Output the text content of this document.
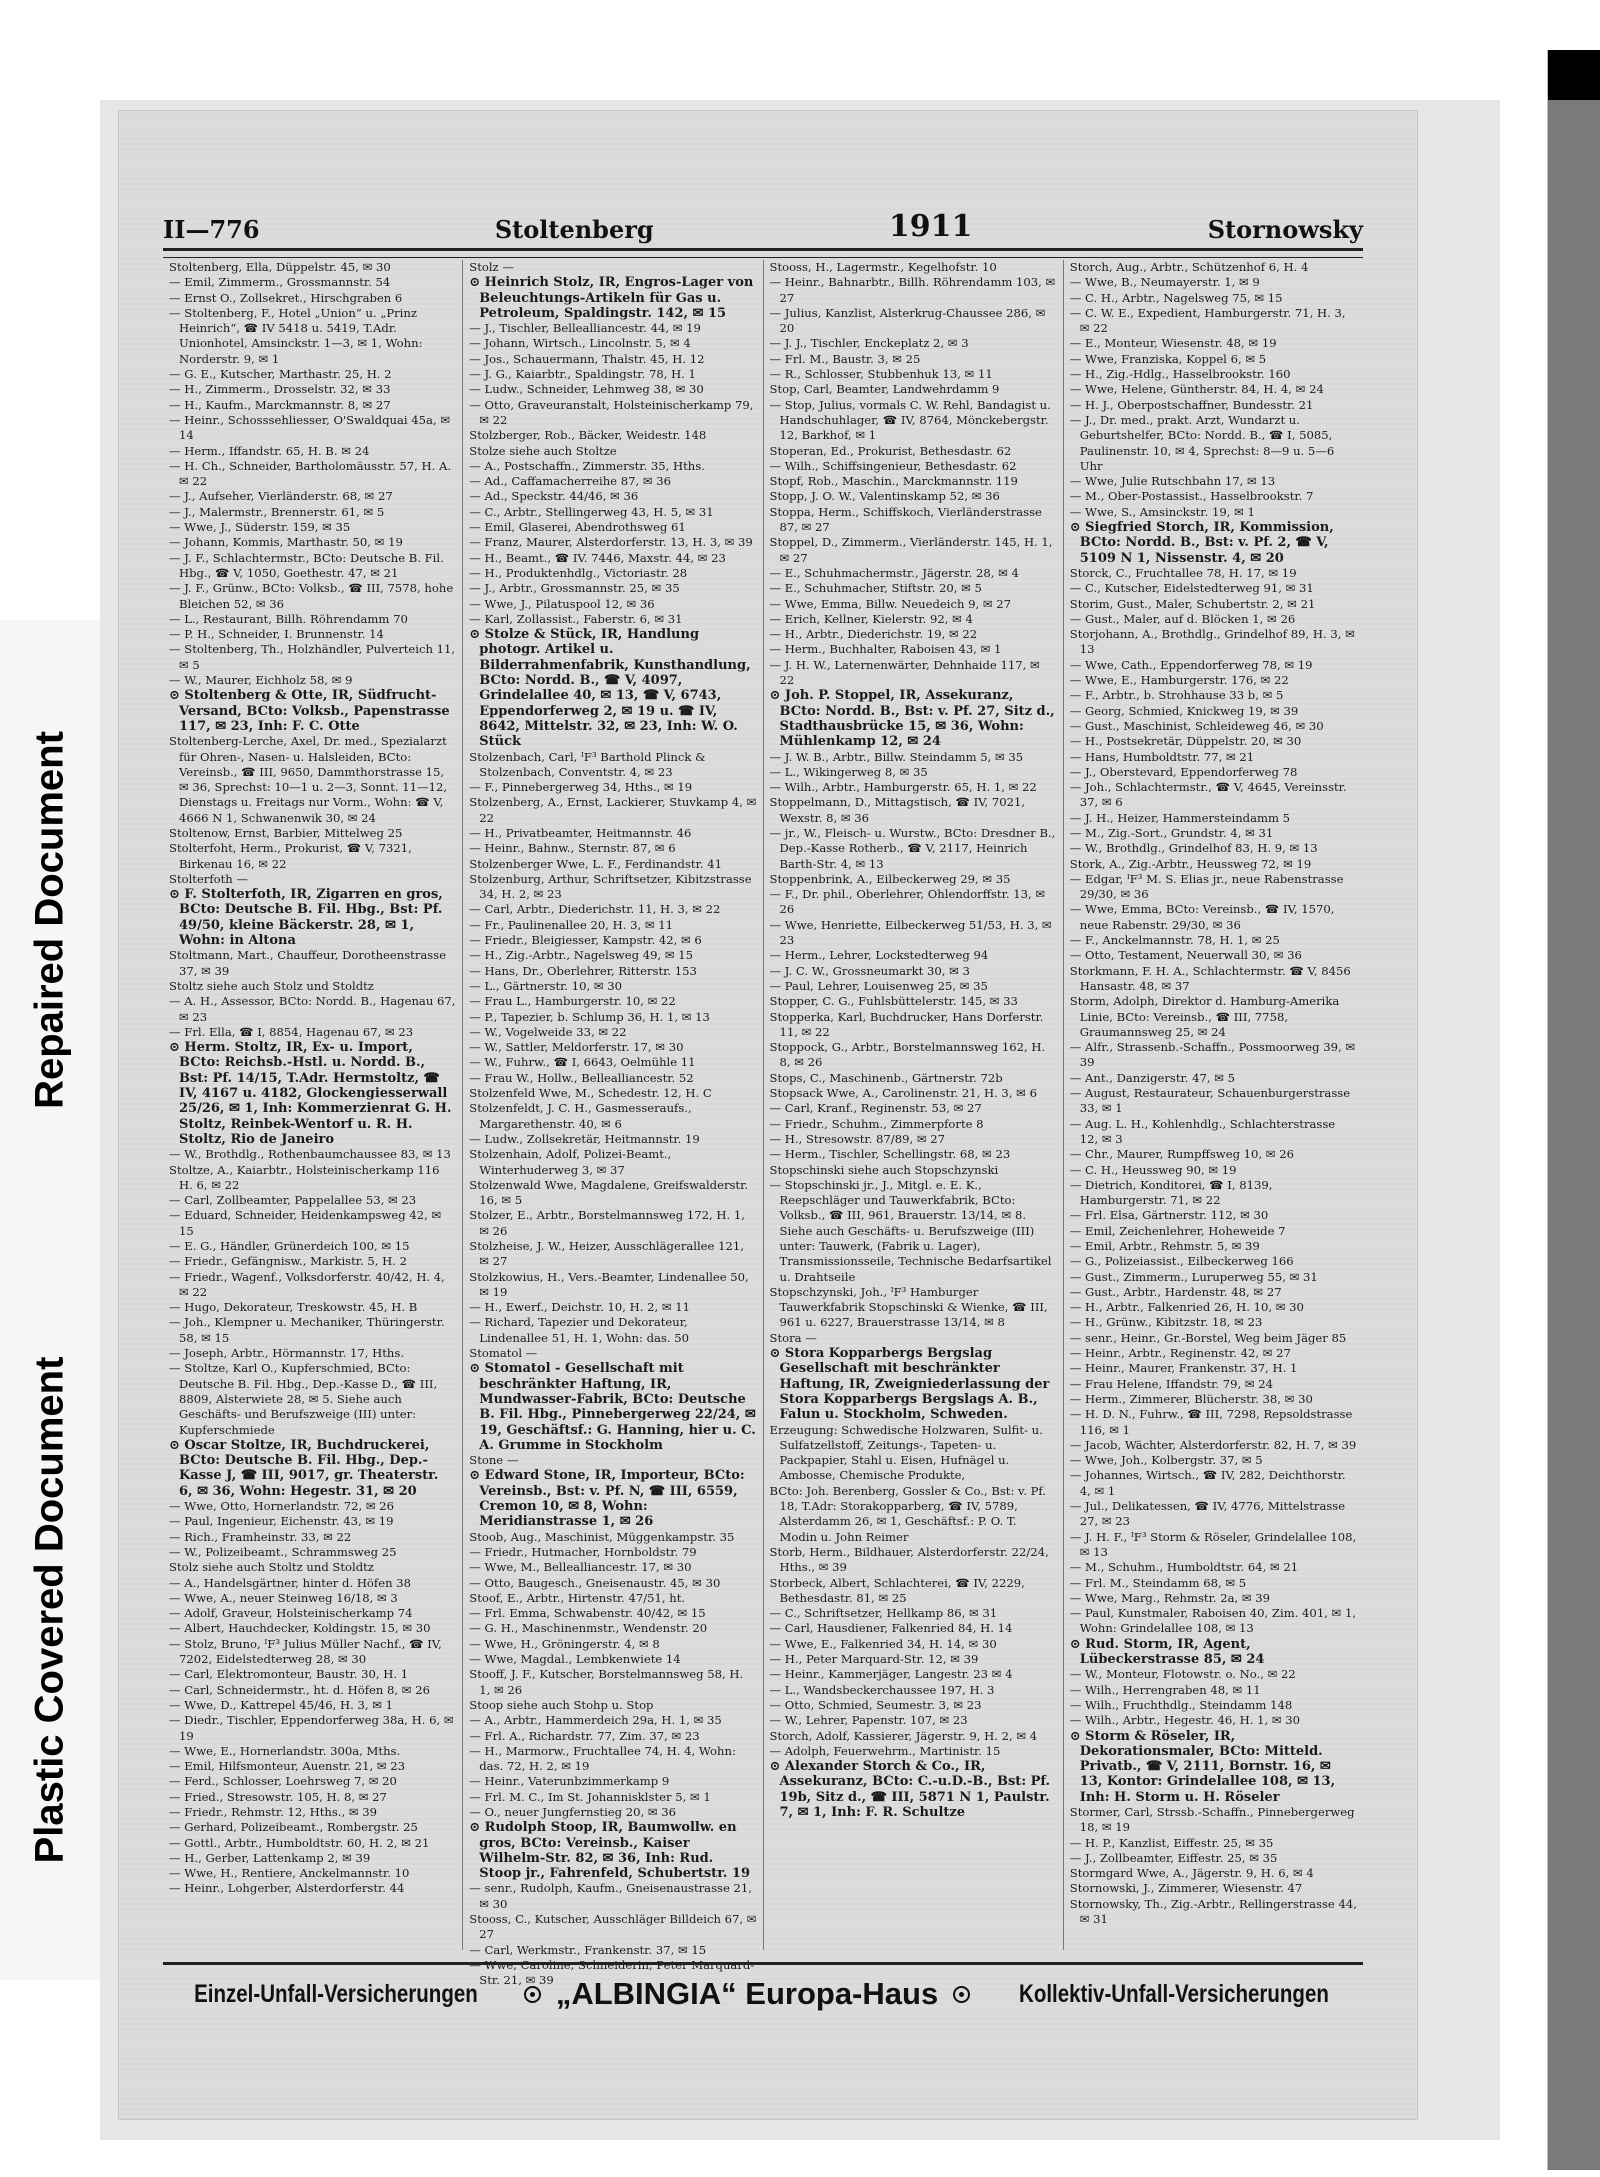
Repaired Document
Plastic Covered Document
II—776	Stoltenberg	1911	Stornowsky

Stoltenberg, Ella, Düppelstr. 45, ✉ 30

— Emil, Zimmerm., Grossmannstr. 54

— Ernst O., Zollsekret., Hirschgraben 6

— Stoltenberg, F., Hotel „Union“ u. „Prinz Heinrich“, ☎ IV 5418 u. 5419, T.Adr. Unionhotel, Amsinckstr. 1—3, ✉ 1, Wohn: Norderstr. 9, ✉ 1

— G. E., Kutscher, Marthastr. 25, H. 2

— H., Zimmerm., Drosselstr. 32, ✉ 33

— H., Kaufm., Marckmannstr. 8, ✉ 27

— Heinr., Schosssehliesser, O'Swaldquai 45a, ✉ 14

— Herm., Iffandstr. 65, H. B. ✉ 24

— H. Ch., Schneider, Bartholomäusstr. 57, H. A. ✉ 22

— J., Aufseher, Vierländerstr. 68, ✉ 27

— J., Malermstr., Brennerstr. 61, ✉ 5

— Wwe, J., Süderstr. 159, ✉ 35

— Johann, Kommis, Marthastr. 50, ✉ 19

— J. F., Schlachtermstr., BCto: Deutsche B. Fil. Hbg., ☎ V, 1050, Goethestr. 47, ✉ 21

— J. F., Grünw., BCto: Volksb., ☎ III, 7578, hohe Bleichen 52, ✉ 36

— L., Restaurant, Billh. Röhrendamm 70

— P. H., Schneider, I. Brunnenstr. 14

— Stoltenberg, Th., Holzhändler, Pulverteich 11, ✉ 5

— W., Maurer, Eichholz 58, ✉ 9

⊙ Stoltenberg & Otte, IR, Südfrucht-Versand, BCto: Volksb., Papenstrasse 117, ✉ 23, Inh: F. C. Otte

Stoltenberg-Lerche, Axel, Dr. med., Spezialarzt für Ohren-, Nasen- u. Halsleiden, BCto: Vereinsb., ☎ III, 9650, Dammthorstrasse 15, ✉ 36, Sprechst: 10—1 u. 2—3, Sonnt. 11—12, Dienstags u. Freitags nur Vorm., Wohn: ☎ V, 4666 N 1, Schwanenwik 30, ✉ 24

Stoltenow, Ernst, Barbier, Mittelweg 25

Stolterfoht, Herm., Prokurist, ☎ V, 7321, Birkenau 16, ✉ 22

Stolterfoth —

⊙ F. Stolterfoth, IR, Zigarren en gros, BCto: Deutsche B. Fil. Hbg., Bst: Pf. 49/50, kleine Bäckerstr. 28, ✉ 1, Wohn: in Altona

Stoltmann, Mart., Chauffeur, Dorotheenstrasse 37, ✉ 39

Stoltz siehe auch Stolz und Stoldtz

— A. H., Assessor, BCto: Nordd. B., Hagenau 67, ✉ 23

— Frl. Ella, ☎ I, 8854, Hagenau 67, ✉ 23

⊙ Herm. Stoltz, IR, Ex- u. Import, BCto: Reichsb.-Hstl. u. Nordd. B., Bst: Pf. 14/15, T.Adr. Hermstoltz, ☎ IV, 4167 u. 4182, Glockengiesserwall 25/26, ✉ 1, Inh: Kommerzienrat G. H. Stoltz, Reinbek-Wentorf u. R. H. Stoltz, Rio de Janeiro

— W., Brothdlg., Rothenbaumchaussee 83, ✉ 13

Stoltze, A., Kaiarbtr., Holsteinischerkamp 116 H. 6, ✉ 22

— Carl, Zollbeamter, Pappelallee 53, ✉ 23

— Eduard, Schneider, Heidenkampsweg 42, ✉ 15

— E. G., Händler, Grünerdeich 100, ✉ 15

— Friedr., Gefängnisw., Markistr. 5, H. 2

— Friedr., Wagenf., Volksdorferstr. 40/42, H. 4, ✉ 22

— Hugo, Dekorateur, Treskowstr. 45, H. B

— Joh., Klempner u. Mechaniker, Thüringerstr. 58, ✉ 15

— Joseph, Arbtr., Hörmannstr. 17, Hths.

— Stoltze, Karl O., Kupferschmied, BCto: Deutsche B. Fil. Hbg., Dep.-Kasse D., ☎ III, 8809, Alsterwiete 28, ✉ 5. Siehe auch Geschäfts- und Berufszweige (III) unter: Kupferschmiede

⊙ Oscar Stoltze, IR, Buchdruckerei, BCto: Deutsche B. Fil. Hbg., Dep.-Kasse J, ☎ III, 9017, gr. Theaterstr. 6, ✉ 36, Wohn: Hegestr. 31, ✉ 20

— Wwe, Otto, Hornerlandstr. 72, ✉ 26

— Paul, Ingenieur, Eichenstr. 43, ✉ 19

— Rich., Framheinstr. 33, ✉ 22

— W., Polizeibeamt., Schrammsweg 25

Stolz siehe auch Stoltz und Stoldtz

— A., Handelsgärtner, hinter d. Höfen 38

— Wwe, A., neuer Steinweg 16/18, ✉ 3

— Adolf, Graveur, Holsteinischerkamp 74

— Albert, Hauchdecker, Koldingstr. 15, ✉ 30

— Stolz, Bruno, ᴵF³ Julius Müller Nachf., ☎ IV, 7202, Eidelstedterweg 28, ✉ 30

— Carl, Elektromonteur, Baustr. 30, H. 1

— Carl, Schneidermstr., ht. d. Höfen 8, ✉ 26

— Wwe, D., Kattrepel 45/46, H. 3, ✉ 1

— Diedr., Tischler, Eppendorferweg 38a, H. 6, ✉ 19

— Wwe, E., Hornerlandstr. 300a, Mths.

— Emil, Hilfsmonteur, Auenstr. 21, ✉ 23

— Ferd., Schlosser, Loehrsweg 7, ✉ 20

— Fried., Stresowstr. 105, H. 8, ✉ 27

— Friedr., Rehmstr. 12, Hths., ✉ 39

— Gerhard, Polizeibeamt., Rombergstr. 25

— Gottl., Arbtr., Humboldtstr. 60, H. 2, ✉ 21

— H., Gerber, Lattenkamp 2, ✉ 39

— Wwe, H., Rentiere, Anckelmannstr. 10

— Heinr., Lohgerber, Alsterdorferstr. 44

Stolz —

⊙ Heinrich Stolz, IR, Engros-Lager von Beleuchtungs-Artikeln für Gas u. Petroleum, Spaldingstr. 142, ✉ 15

— J., Tischler, Bellealliancestr. 44, ✉ 19

— Johann, Wirtsch., Lincolnstr. 5, ✉ 4

— Jos., Schauermann, Thalstr. 45, H. 12

— J. G., Kaiarbtr., Spaldingstr. 78, H. 1

— Ludw., Schneider, Lehmweg 38, ✉ 30

— Otto, Graveuranstalt, Holsteinischerkamp 79, ✉ 22

Stolzberger, Rob., Bäcker, Weidestr. 148

Stolze siehe auch Stoltze

— A., Postschaffn., Zimmerstr. 35, Hths.

— Ad., Caffamacherreihe 87, ✉ 36

— Ad., Speckstr. 44/46, ✉ 36

— C., Arbtr., Stellingerweg 43, H. 5, ✉ 31

— Emil, Glaserei, Abendrothsweg 61

— Franz, Maurer, Alsterdorferstr. 13, H. 3, ✉ 39

— H., Beamt., ☎ IV. 7446, Maxstr. 44, ✉ 23

— H., Produktenhdlg., Victoriastr. 28

— J., Arbtr., Grossmannstr. 25, ✉ 35

— Wwe, J., Pilatuspool 12, ✉ 36

— Karl, Zollassist., Faberstr. 6, ✉ 31

⊙ Stolze & Stück, IR, Handlung photogr. Artikel u. Bilderrahmenfabrik, Kunsthandlung, BCto: Nordd. B., ☎ V, 4097, Grindelallee 40, ✉ 13, ☎ V, 6743, Eppendorferweg 2, ✉ 19 u. ☎ IV, 8642, Mittelstr. 32, ✉ 23, Inh: W. O. Stück

Stolzenbach, Carl, ᴵF³ Barthold Plinck & Stolzenbach, Conventstr. 4, ✉ 23

— F., Pinnebergerweg 34, Hths., ✉ 19

Stolzenberg, A., Ernst, Lackierer, Stuvkamp 4, ✉ 22

— H., Privatbeamter, Heitmannstr. 46

— Heinr., Bahnw., Sternstr. 87, ✉ 6

Stolzenberger Wwe, L. F., Ferdinandstr. 41

Stolzenburg, Arthur, Schriftsetzer, Kibitzstrasse 34, H. 2, ✉ 23

— Carl, Arbtr., Diederichstr. 11, H. 3, ✉ 22

— Fr., Paulinenallee 20, H. 3, ✉ 11

— Friedr., Bleigiesser, Kampstr. 42, ✉ 6

— H., Zig.-Arbtr., Nagelsweg 49, ✉ 15

— Hans, Dr., Oberlehrer, Ritterstr. 153

— L., Gärtnerstr. 10, ✉ 30

— Frau L., Hamburgerstr. 10, ✉ 22

— P., Tapezier, b. Schlump 36, H. 1, ✉ 13

— W., Vogelweide 33, ✉ 22

— W., Sattler, Meldorferstr. 17, ✉ 30

— W., Fuhrw., ☎ I, 6643, Oelmühle 11

— Frau W., Hollw., Bellealliancestr. 52

Stolzenfeld Wwe, M., Schedestr. 12, H. C

Stolzenfeldt, J. C. H., Gasmesseraufs., Margarethenstr. 40, ✉ 6

— Ludw., Zollsekretär, Heitmannstr. 19

Stolzenhain, Adolf, Polizei-Beamt., Winterhuderweg 3, ✉ 37

Stolzenwald Wwe, Magdalene, Greifswalderstr. 16, ✉ 5

Stolzer, E., Arbtr., Borstelmannsweg 172, H. 1, ✉ 26

Stolzheise, J. W., Heizer, Ausschlägerallee 121, ✉ 27

Stolzkowius, H., Vers.-Beamter, Lindenallee 50, ✉ 19

— H., Ewerf., Deichstr. 10, H. 2, ✉ 11

— Richard, Tapezier und Dekorateur, Lindenallee 51, H. 1, Wohn: das. 50

Stomatol —

⊙ Stomatol - Gesellschaft mit beschränkter Haftung, IR, Mundwasser-Fabrik, BCto: Deutsche B. Fil. Hbg., Pinnebergerweg 22/24, ✉ 19, Geschäftsf.: G. Hanning, hier u. C. A. Grumme in Stockholm

Stone —

⊙ Edward Stone, IR, Importeur, BCto: Vereinsb., Bst: v. Pf. N, ☎ III, 6559, Cremon 10, ✉ 8, Wohn: Meridianstrasse 1, ✉ 26

Stoob, Aug., Maschinist, Müggenkampstr. 35

— Friedr., Hutmacher, Hornboldstr. 79

— Wwe, M., Bellealliancestr. 17, ✉ 30

— Otto, Baugesch., Gneisenaustr. 45, ✉ 30

Stoof, E., Arbtr., Hirtenstr. 47/51, ht.

— Frl. Emma, Schwabenstr. 40/42, ✉ 15

— G. H., Maschinenmstr., Wendenstr. 20

— Wwe, H., Gröningerstr. 4, ✉ 8

— Wwe, Magdal., Lembkenwiete 14

Stooff, J. F., Kutscher, Borstelmannsweg 58, H. 1, ✉ 26

Stoop siehe auch Stohp u. Stop

— A., Arbtr., Hammerdeich 29a, H. 1, ✉ 35

— Frl. A., Richardstr. 77, Zim. 37, ✉ 23

— H., Marmorw., Fruchtallee 74, H. 4, Wohn: das. 72, H. 2, ✉ 19

— Heinr., Vaterunbzimmerkamp 9

— Frl. M. C., Im St. Johannisklster 5, ✉ 1

— O., neuer Jungfernstieg 20, ✉ 36

⊙ Rudolph Stoop, IR, Baumwollw. en gros, BCto: Vereinsb., Kaiser Wilhelm-Str. 82, ✉ 36, Inh: Rud. Stoop jr., Fahrenfeld, Schubertstr. 19

— senr., Rudolph, Kaufm., Gneisenaustrasse 21, ✉ 30

Stooss, C., Kutscher, Ausschläger Billdeich 67, ✉ 27

— Carl, Werkmstr., Frankenstr. 37, ✉ 15

— Wwe, Caroline, Schneiderin, Peter Marquard-Str. 21, ✉ 39

Stooss, H., Lagermstr., Kegelhofstr. 10

— Heinr., Bahnarbtr., Billh. Röhrendamm 103, ✉ 27

— Julius, Kanzlist, Alsterkrug-Chaussee 286, ✉ 20

— J. J., Tischler, Enckeplatz 2, ✉ 3

— Frl. M., Baustr. 3, ✉ 25

— R., Schlosser, Stubbenhuk 13, ✉ 11

Stop, Carl, Beamter, Landwehrdamm 9

— Stop, Julius, vormals C. W. Rehl, Bandagist u. Handschuhlager, ☎ IV, 8764, Mönckebergstr. 12, Barkhof, ✉ 1

Stoperan, Ed., Prokurist, Bethesdastr. 62

— Wilh., Schiffsingenieur, Bethesdastr. 62

Stopf, Rob., Maschin., Marckmannstr. 119

Stopp, J. O. W., Valentinskamp 52, ✉ 36

Stoppa, Herm., Schiffskoch, Vierländerstrasse 87, ✉ 27

Stoppel, D., Zimmerm., Vierländerstr. 145, H. 1, ✉ 27

— E., Schuhmachermstr., Jägerstr. 28, ✉ 4

— E., Schuhmacher, Stiftstr. 20, ✉ 5

— Wwe, Emma, Billw. Neuedeich 9, ✉ 27

— Erich, Kellner, Kielerstr. 92, ✉ 4

— H., Arbtr., Diederichstr. 19, ✉ 22

— Herm., Buchhalter, Raboisen 43, ✉ 1

— J. H. W., Laternenwärter, Dehnhaide 117, ✉ 22

⊙ Joh. P. Stoppel, IR, Assekuranz, BCto: Nordd. B., Bst: v. Pf. 27, Sitz d., Stadthausbrücke 15, ✉ 36, Wohn: Mühlenkamp 12, ✉ 24

— J. W. B., Arbtr., Billw. Steindamm 5, ✉ 35

— L., Wikingerweg 8, ✉ 35

— Wilh., Arbtr., Hamburgerstr. 65, H. 1, ✉ 22

Stoppelmann, D., Mittagstisch, ☎ IV, 7021, Wexstr. 8, ✉ 36

— jr., W., Fleisch- u. Wurstw., BCto: Dresdner B., Dep.-Kasse Rotherb., ☎ V, 2117, Heinrich Barth-Str. 4, ✉ 13

Stoppenbrink, A., Eilbeckerweg 29, ✉ 35

— F., Dr. phil., Oberlehrer, Ohlendorffstr. 13, ✉ 26

— Wwe, Henriette, Eilbeckerweg 51/53, H. 3, ✉ 23

— Herm., Lehrer, Lockstedterweg 94

— J. C. W., Grossneumarkt 30, ✉ 3

— Paul, Lehrer, Louisenweg 25, ✉ 35

Stopper, C. G., Fuhlsbüttelerstr. 145, ✉ 33

Stopperka, Karl, Buchdrucker, Hans Dorferstr. 11, ✉ 22

Stoppock, G., Arbtr., Borstelmannsweg 162, H. 8, ✉ 26

Stops, C., Maschinenb., Gärtnerstr. 72b

Stopsack Wwe, A., Carolinenstr. 21, H. 3, ✉ 6

— Carl, Kranf., Reginenstr. 53, ✉ 27

— Friedr., Schuhm., Zimmerpforte 8

— H., Stresowstr. 87/89, ✉ 27

— Herm., Tischler, Schellingstr. 68, ✉ 23

Stopschinski siehe auch Stopschzynski

— Stopschinski jr., J., Mitgl. e. E. K., Reepschläger und Tauwerkfabrik, BCto: Volksb., ☎ III, 961, Brauerstr. 13/14, ✉ 8. Siehe auch Geschäfts- u. Berufszweige (III) unter: Tauwerk, (Fabrik u. Lager), Transmissionsseile, Technische Bedarfsartikel u. Drahtseile

Stopschzynski, Joh., ᴵF³ Hamburger Tauwerkfabrik Stopschinski & Wienke, ☎ III, 961 u. 6227, Brauerstrasse 13/14, ✉ 8

Stora —

⊙ Stora Kopparbergs Bergslag Gesellschaft mit beschränkter Haftung, IR, Zweigniederlassung der Stora Kopparbergs Bergslags A. B., Falun u. Stockholm, Schweden.

Erzeugung: Schwedische Holzwaren, Sulfit- u. Sulfatzellstoff, Zeitungs-, Tapeten- u. Packpapier, Stahl u. Eisen, Hufnägel u. Ambosse, Chemische Produkte,

BCto: Joh. Berenberg, Gossler & Co., Bst: v. Pf. 18, T.Adr: Storakopparberg, ☎ IV, 5789, Alsterdamm 26, ✉ 1, Geschäftsf.: P. O. T. Modin u. John Reimer

Storb, Herm., Bildhauer, Alsterdorferstr. 22/24, Hths., ✉ 39

Storbeck, Albert, Schlachterei, ☎ IV, 2229, Bethesdastr. 81, ✉ 25

— C., Schriftsetzer, Hellkamp 86, ✉ 31

— Carl, Hausdiener, Falkenried 84, H. 14

— Wwe, E., Falkenried 34, H. 14, ✉ 30

— H., Peter Marquard-Str. 12, ✉ 39

— Heinr., Kammerjäger, Langestr. 23 ✉ 4

— L., Wandsbeckerchaussee 197, H. 3

— Otto, Schmied, Seumestr. 3, ✉ 23

— W., Lehrer, Papenstr. 107, ✉ 23

Storch, Adolf, Kassierer, Jägerstr. 9, H. 2, ✉ 4

— Adolph, Feuerwehrm., Martinistr. 15

⊙ Alexander Storch & Co., IR, Assekuranz, BCto: C.-u.D.-B., Bst: Pf. 19b, Sitz d., ☎ III, 5871 N 1, Paulstr. 7, ✉ 1, Inh: F. R. Schultze

Storch, Aug., Arbtr., Schützenhof 6, H. 4

— Wwe, B., Neumayerstr. 1, ✉ 9

— C. H., Arbtr., Nagelsweg 75, ✉ 15

— C. W. E., Expedient, Hamburgerstr. 71, H. 3, ✉ 22

— E., Monteur, Wiesenstr. 48, ✉ 19

— Wwe, Franziska, Koppel 6, ✉ 5

— H., Zig.-Hdlg., Hasselbrookstr. 160

— Wwe, Helene, Güntherstr. 84, H. 4, ✉ 24

— H. J., Oberpostschaffner, Bundesstr. 21

— J., Dr. med., prakt. Arzt, Wundarzt u. Geburtshelfer, BCto: Nordd. B., ☎ I, 5085, Paulinenstr. 10, ✉ 4, Sprechst: 8—9 u. 5—6 Uhr

— Wwe, Julie Rutschbahn 17, ✉ 13

— M., Ober-Postassist., Hasselbrookstr. 7

— Wwe, S., Amsinckstr. 19, ✉ 1

⊙ Siegfried Storch, IR, Kommission, BCto: Nordd. B., Bst: v. Pf. 2, ☎ V, 5109 N 1, Nissenstr. 4, ✉ 20

Storck, C., Fruchtallee 78, H. 17, ✉ 19

— C., Kutscher, Eidelstedterweg 91, ✉ 31

Storim, Gust., Maler, Schubertstr. 2, ✉ 21

— Gust., Maler, auf d. Blöcken 1, ✉ 26

Storjohann, A., Brothdlg., Grindelhof 89, H. 3, ✉ 13

— Wwe, Cath., Eppendorferweg 78, ✉ 19

— Wwe, E., Hamburgerstr. 176, ✉ 22

— F., Arbtr., b. Strohhause 33 b, ✉ 5

— Georg, Schmied, Knickweg 19, ✉ 39

— Gust., Maschinist, Schleideweg 46, ✉ 30

— H., Postsekretär, Düppelstr. 20, ✉ 30

— Hans, Humboldtstr. 77, ✉ 21

— J., Oberstevard, Eppendorferweg 78

— Joh., Schlachtermstr., ☎ V, 4645, Vereinsstr. 37, ✉ 6

— J. H., Heizer, Hammersteindamm 5

— M., Zig.-Sort., Grundstr. 4, ✉ 31

— W., Brothdlg., Grindelhof 83, H. 9, ✉ 13

Stork, A., Zig.-Arbtr., Heussweg 72, ✉ 19

— Edgar, ᴵF³ M. S. Elias jr., neue Rabenstrasse 29/30, ✉ 36

— Wwe, Emma, BCto: Vereinsb., ☎ IV, 1570, neue Rabenstr. 29/30, ✉ 36

— F., Anckelmannstr. 78, H. 1, ✉ 25

— Otto, Testament, Neuerwall 30, ✉ 36

Storkmann, F. H. A., Schlachtermstr. ☎ V, 8456 Hansastr. 48, ✉ 37

Storm, Adolph, Direktor d. Hamburg-Amerika Linie, BCto: Vereinsb., ☎ III, 7758, Graumannsweg 25, ✉ 24

— Alfr., Strassenb.-Schaffn., Possmoorweg 39, ✉ 39

— Ant., Danzigerstr. 47, ✉ 5

— August, Restaurateur, Schauenburgerstrasse 33, ✉ 1

— Aug. L. H., Kohlenhdlg., Schlachterstrasse 12, ✉ 3

— Chr., Maurer, Rumpffsweg 10, ✉ 26

— C. H., Heussweg 90, ✉ 19

— Dietrich, Konditorei, ☎ I, 8139, Hamburgerstr. 71, ✉ 22

— Frl. Elsa, Gärtnerstr. 112, ✉ 30

— Emil, Zeichenlehrer, Hoheweide 7

— Emil, Arbtr., Rehmstr. 5, ✉ 39

— G., Polizeiassist., Eilbeckerweg 166

— Gust., Zimmerm., Luruperweg 55, ✉ 31

— Gust., Arbtr., Hardenstr. 48, ✉ 27

— H., Arbtr., Falkenried 26, H. 10, ✉ 30

— H., Grünw., Kibitzstr. 18, ✉ 23

— senr., Heinr., Gr.-Borstel, Weg beim Jäger 85

— Heinr., Arbtr., Reginenstr. 42, ✉ 27

— Heinr., Maurer, Frankenstr. 37, H. 1

— Frau Helene, Iffandstr. 79, ✉ 24

— Herm., Zimmerer, Blücherstr. 38, ✉ 30

— H. D. N., Fuhrw., ☎ III, 7298, Repsoldstrasse 116, ✉ 1

— Jacob, Wächter, Alsterdorferstr. 82, H. 7, ✉ 39

— Wwe, Joh., Kolbergstr. 37, ✉ 5

— Johannes, Wirtsch., ☎ IV, 282, Deichthorstr. 4, ✉ 1

— Jul., Delikatessen, ☎ IV, 4776, Mittelstrasse 27, ✉ 23

— J. H. F., ᴵF³ Storm & Röseler, Grindelallee 108, ✉ 13

— M., Schuhm., Humboldtstr. 64, ✉ 21

— Frl. M., Steindamm 68, ✉ 5

— Wwe, Marg., Rehmstr. 2a, ✉ 39

— Paul, Kunstmaler, Raboisen 40, Zim. 401, ✉ 1, Wohn: Grindelallee 108, ✉ 13

⊙ Rud. Storm, IR, Agent, Lübeckerstrasse 85, ✉ 24

— W., Monteur, Flotowstr. o. No., ✉ 22

— Wilh., Herrengraben 48, ✉ 11

— Wilh., Fruchthdlg., Steindamm 148

— Wilh., Arbtr., Hegestr. 46, H. 1, ✉ 30

⊙ Storm & Röseler, IR, Dekorationsmaler, BCto: Mitteld. Privatb., ☎ V, 2111, Bornstr. 16, ✉ 13, Kontor: Grindelallee 108, ✉ 13, Inh: H. Storm u. H. Röseler

Stormer, Carl, Strssb.-Schaffn., Pinnebergerweg 18, ✉ 19

— H. P., Kanzlist, Eiffestr. 25, ✉ 35

— J., Zollbeamter, Eiffestr. 25, ✉ 35

Stormgard Wwe, A., Jägerstr. 9, H. 6, ✉ 4

Stornowski, J., Zimmerer, Wiesenstr. 47

Stornowsky, Th., Zig.-Arbtr., Rellingerstrasse 44, ✉ 31

Einzel-Unfall-Versicherungen	„ALBINGIA“ Europa-Haus	Kollektiv-Unfall-Versicherungen
